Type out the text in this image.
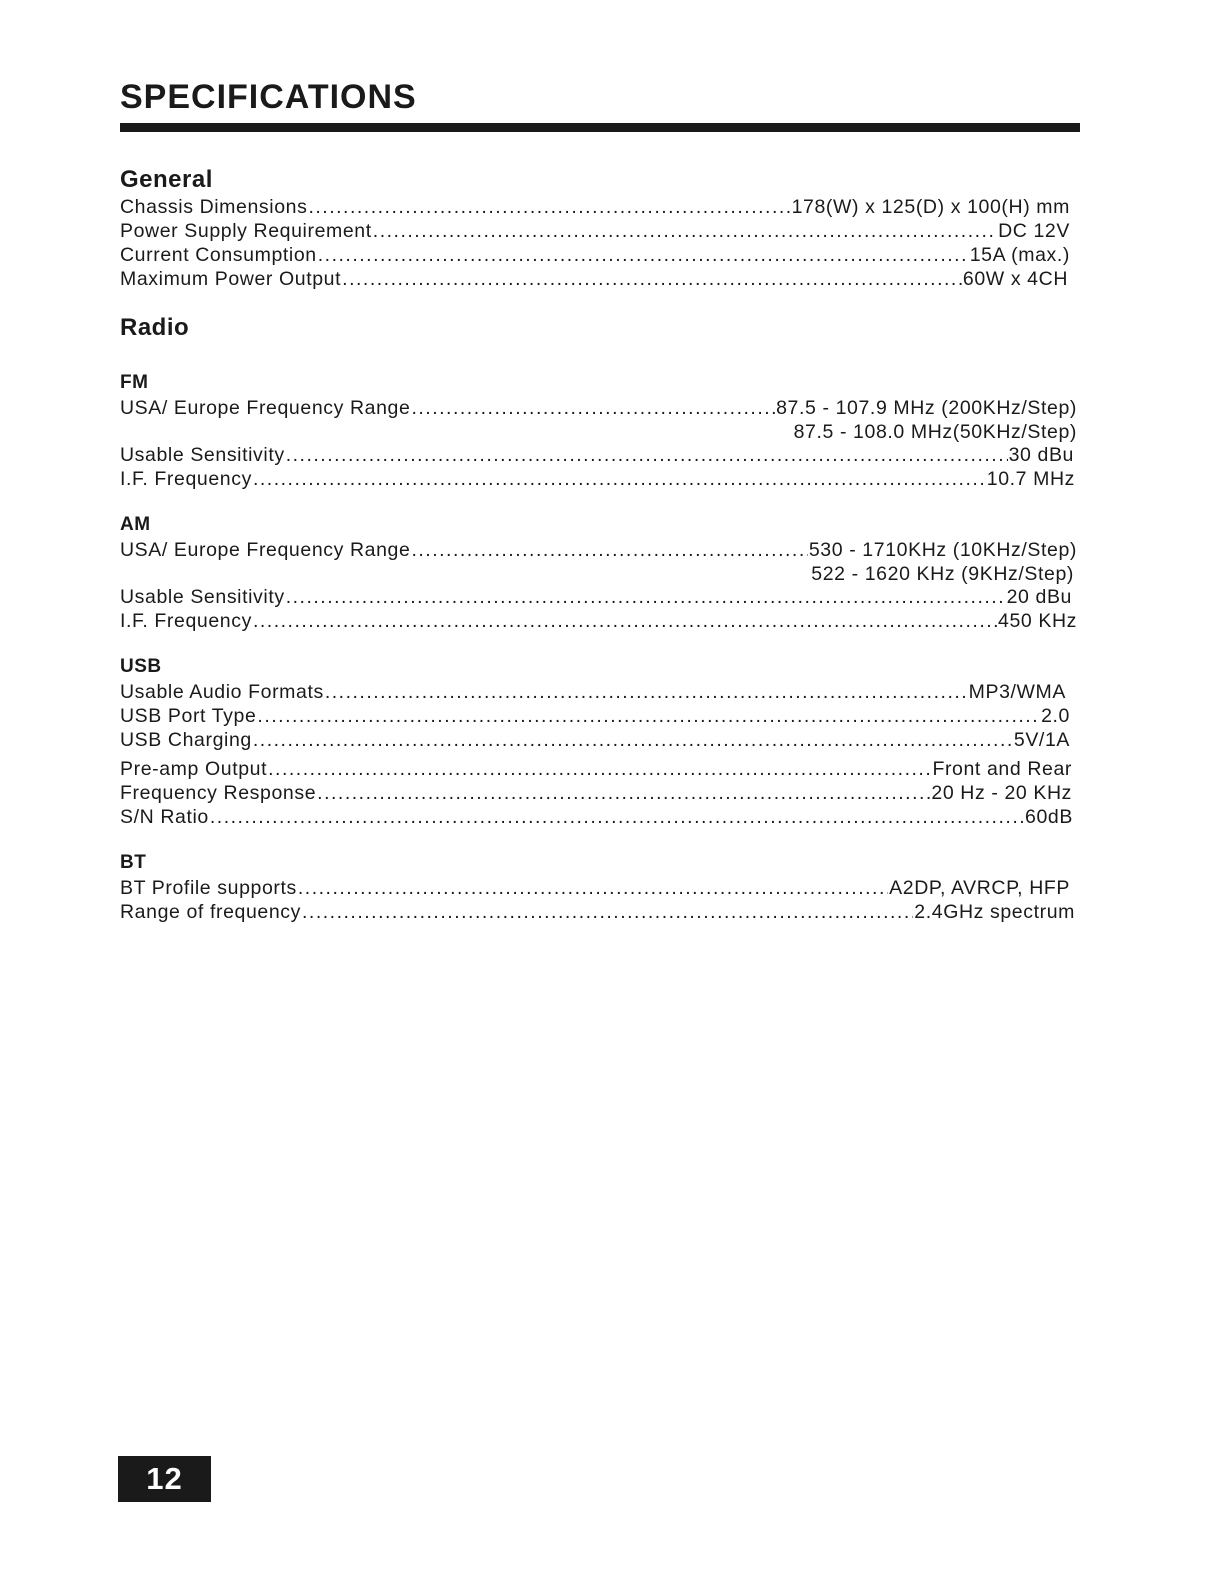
SPECIFICATIONS
General
Chassis Dimensions .....	178(W) x 125(D) x 100(H) mm
Power Supply Requirement .....	DC 12V
Current Consumption .....	15A (max.)
Maximum Power Output .....	60W x 4CH
Radio
FM
USA/ Europe Frequency Range .....	87.5 - 107.9 MHz (200KHz/Step)
87.5 - 108.0 MHz(50KHz/Step)
Usable Sensitivity .....	30 dBu
I.F. Frequency .....	10.7 MHz
AM
USA/ Europe Frequency Range .....	530 - 1710KHz (10KHz/Step)
522 - 1620 KHz (9KHz/Step)
Usable Sensitivity .....	20 dBu
I.F. Frequency .....	450 KHz
USB
Usable Audio Formats .....	MP3/WMA
USB Port Type .....	2.0
USB Charging .....	5V/1A
Pre-amp Output .....	Front and Rear
Frequency Response .....	20 Hz - 20 KHz
S/N Ratio .....	60dB
BT
BT Profile supports .....	A2DP, AVRCP, HFP
Range of frequency .....	2.4GHz spectrum
12
